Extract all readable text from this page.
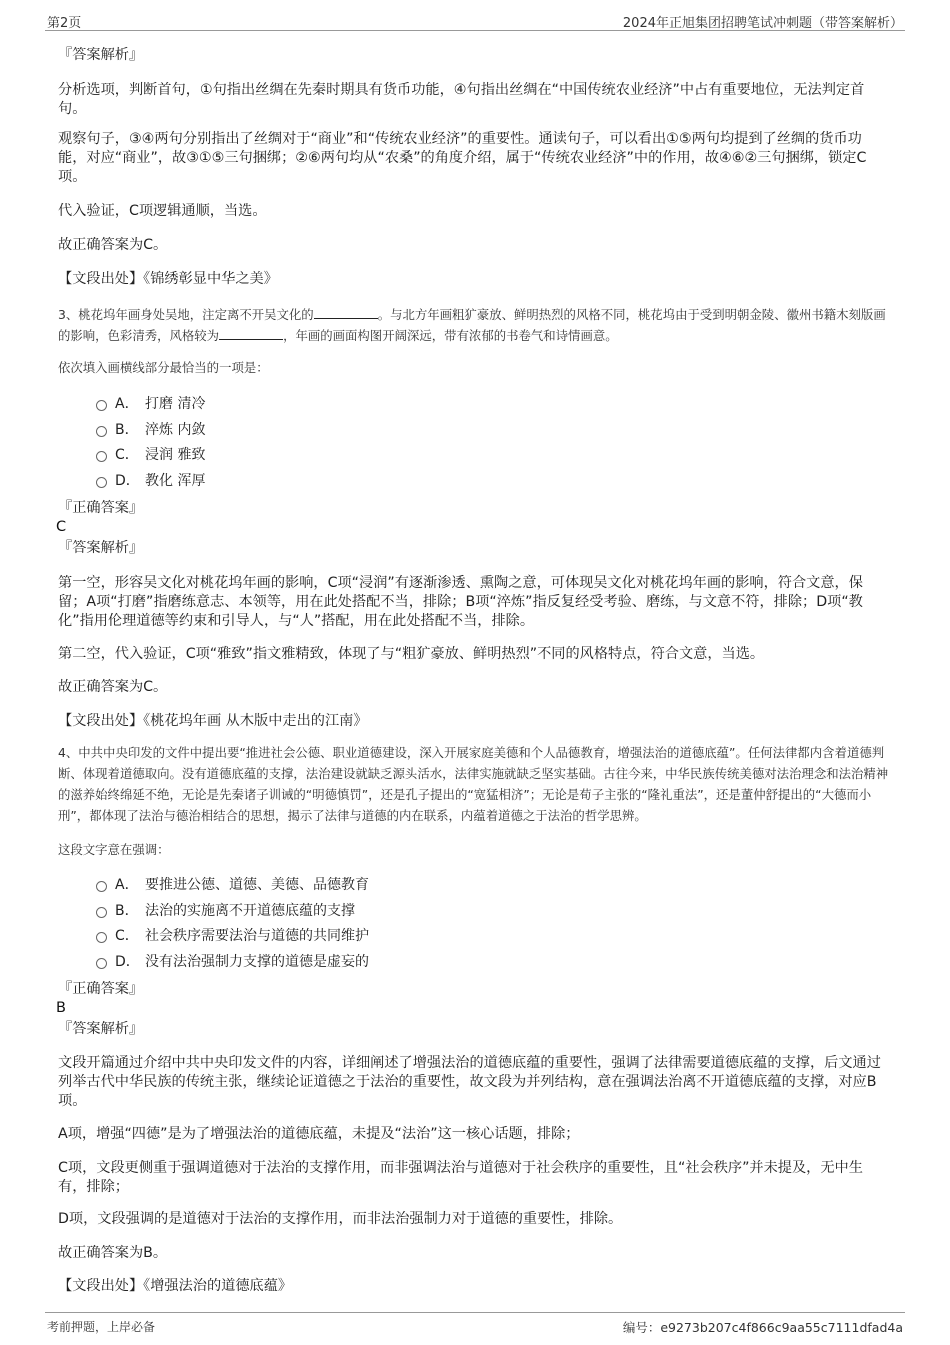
第2页	2024年正旭集团招聘笔试冲刺题（带答案解析）
『答案解析』
分析选项，判断首句，①句指出丝绸在先秦时期具有货币功能，④句指出丝绸在“中国传统农业经济”中占有重要地位，无法判定首句。
观察句子，③④两句分别指出了丝绸对于“商业”和“传统农业经济”的重要性。通读句子，可以看出①⑤两句均提到了丝绸的货币功能，对应“商业”，故③①⑤三句捆绑；②⑥两句均从“农桑”的角度介绍，属于“传统农业经济”中的作用，故④⑥②三句捆绑，锁定C项。
代入验证，C项逻辑通顺，当选。
故正确答案为C。
【文段出处】《锦绣彰显中华之美》
3、桃花坞年画身处吴地，注定离不开吴文化的	。与北方年画粗犷豪放、鲜明热烈的风格不同，桃花坞由于受到明朝金陵、徽州书籍木刻版画的影响，色彩清秀，风格较为	，年画的画面构图开阔深远，带有浓郁的书卷气和诗情画意。
依次填入画横线部分最恰当的一项是：
A． 打磨 清冷
B． 淬炼 内敛
C． 浸润 雅致
D． 教化 浑厚
『正确答案』
C
『答案解析』
第一空，形容吴文化对桃花坞年画的影响，C项“浸润”有逐渐渗透、熏陶之意，可体现吴文化对桃花坞年画的影响，符合文意，保留；A项“打磨”指磨练意志、本领等，用在此处搭配不当，排除；B项“淬炼”指反复经受考验、磨练，与文意不符，排除；D项“教化”指用伦理道德等约束和引导人，与“人”搭配，用在此处搭配不当，排除。
第二空，代入验证，C项“雅致”指文雅精致，体现了与“粗犷豪放、鲜明热烈”不同的风格特点，符合文意，当选。
故正确答案为C。
【文段出处】《桃花坞年画 从木版中走出的江南》
4、中共中央印发的文件中提出要“推进社会公德、职业道德建设，深入开展家庭美德和个人品德教育，增强法治的道德底蕴”。任何法律都内含着道德判断、体现着道德取向。没有道德底蕴的支撑，法治建设就缺乏源头活水，法律实施就缺乏坚实基础。古往今来，中华民族传统美德对法治理念和法治精神的滋养始终绵延不绝，无论是先秦诸子训诫的“明德慎罚”，还是孔子提出的“宽猛相济”；无论是荀子主张的“隆礼重法”，还是董仲舒提出的“大德而小刑”，都体现了法治与德治相结合的思想，揭示了法律与道德的内在联系，内蕴着道德之于法治的哲学思辨。
这段文字意在强调：
A． 要推进公德、道德、美德、品德教育
B． 法治的实施离不开道德底蕴的支撑
C． 社会秩序需要法治与道德的共同维护
D． 没有法治强制力支撑的道德是虚妄的
『正确答案』
B
『答案解析』
文段开篇通过介绍中共中央印发文件的内容，详细阐述了增强法治的道德底蕴的重要性，强调了法律需要道德底蕴的支撑，后文通过列举古代中华民族的传统主张，继续论证道德之于法治的重要性，故文段为并列结构，意在强调法治离不开道德底蕴的支撑，对应B项。
A项，增强“四德”是为了增强法治的道德底蕴，未提及“法治”这一核心话题，排除；
C项，文段更侧重于强调道德对于法治的支撑作用，而非强调法治与道德对于社会秩序的重要性，且“社会秩序”并未提及，无中生有，排除；
D项，文段强调的是道德对于法治的支撑作用，而非法治强制力对于道德的重要性，排除。
故正确答案为B。
【文段出处】《增强法治的道德底蕴》
考前押题，上岸必备	编号：e9273b207c4f866c9aa55c7111dfad4a
